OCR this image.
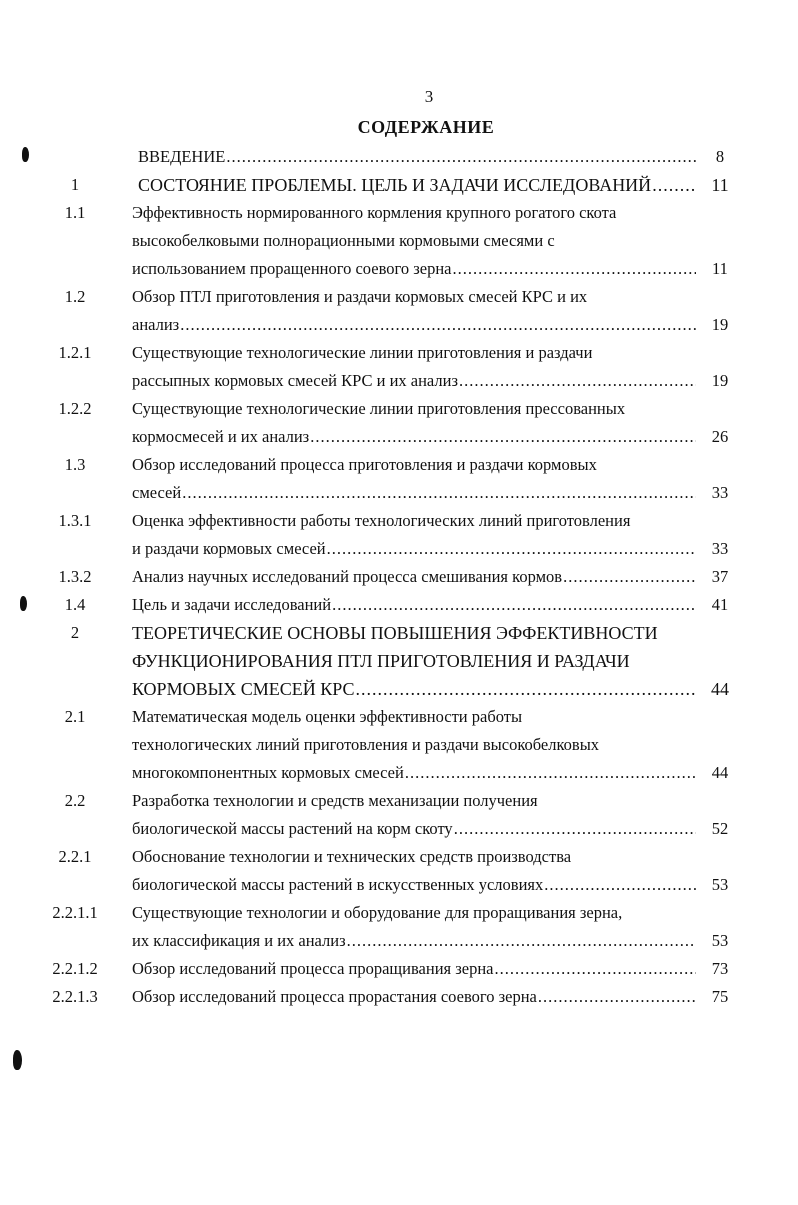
3
СОДЕРЖАНИЕ
ВВЕДЕНИЕ .....	8
1	СОСТОЯНИЕ ПРОБЛЕМЫ. ЦЕЛЬ И ЗАДАЧИ ИССЛЕДОВАНИЙ .....	11
1.1	Эффективность нормированного кормления крупного рогатого скота
высокобелковыми полнорационными кормовыми смесями с
использованием проращенного соевого зерна .....	11
1.2	Обзор ПТЛ приготовления и раздачи кормовых смесей КРС и их
анализ .....	19
1.2.1	Существующие технологические линии приготовления и раздачи
рассыпных кормовых смесей КРС и их анализ .....	19
1.2.2	Существующие технологические линии приготовления прессованных
кормосмесей и их анализ .....	26
1.3	Обзор исследований процесса приготовления и раздачи кормовых
смесей .....	33
1.3.1	Оценка эффективности работы технологических линий приготовления
и раздачи кормовых смесей .....	33
1.3.2	Анализ научных исследований процесса смешивания кормов .....	37
1.4	Цель и задачи исследований .....	41
2	ТЕОРЕТИЧЕСКИЕ ОСНОВЫ ПОВЫШЕНИЯ ЭФФЕКТИВНОСТИ
ФУНКЦИОНИРОВАНИЯ ПТЛ ПРИГОТОВЛЕНИЯ И РАЗДАЧИ
КОРМОВЫХ СМЕСЕЙ КРС .....	44
2.1	Математическая модель оценки эффективности работы
технологических линий приготовления и раздачи высокобелковых
многокомпонентных кормовых смесей .....	44
2.2	Разработка технологии и средств механизации получения
биологической массы растений на корм скоту .....	52
2.2.1	Обоснование технологии и технических средств производства
биологической массы растений в искусственных условиях .....	53
2.2.1.1 Существующие технологии и оборудование для проращивания зерна,
их классификация и их анализ .....	53
2.2.1.2 Обзор исследований процесса проращивания зерна .....	73
2.2.1.3 Обзор исследований процесса прорастания соевого зерна .....	75
